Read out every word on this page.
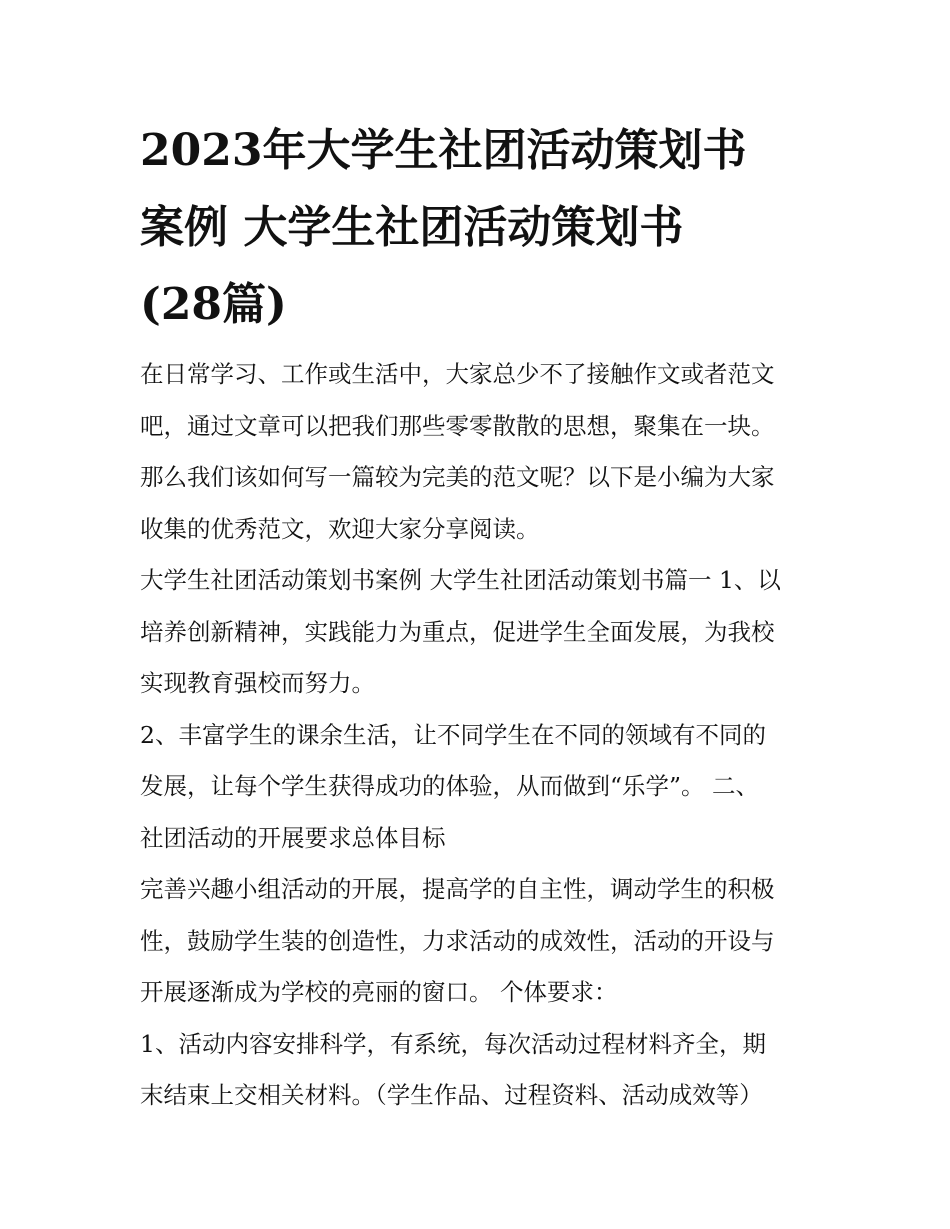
2023年大学生社团活动策划书
案例 大学生社团活动策划书
(28篇)

在日常学习、工作或生活中，大家总少不了接触作文或者范文
吧，通过文章可以把我们那些零零散散的思想，聚集在一块。
那么我们该如何写一篇较为完美的范文呢？以下是小编为大家
收集的优秀范文，欢迎大家分享阅读。

大学生社团活动策划书案例 大学生社团活动策划书篇一 1、以
培养创新精神，实践能力为重点，促进学生全面发展，为我校
实现教育强校而努力。

2、丰富学生的课余生活，让不同学生在不同的领域有不同的
发展，让每个学生获得成功的体验，从而做到“乐学”。 二、
社团活动的开展要求总体目标

完善兴趣小组活动的开展，提高学的自主性，调动学生的积极
性，鼓励学生装的创造性，力求活动的成效性，活动的开设与
开展逐渐成为学校的亮丽的窗口。 个体要求：

1、活动内容安排科学，有系统，每次活动过程材料齐全，期
末结束上交相关材料。（学生作品、过程资料、活动成效等）
